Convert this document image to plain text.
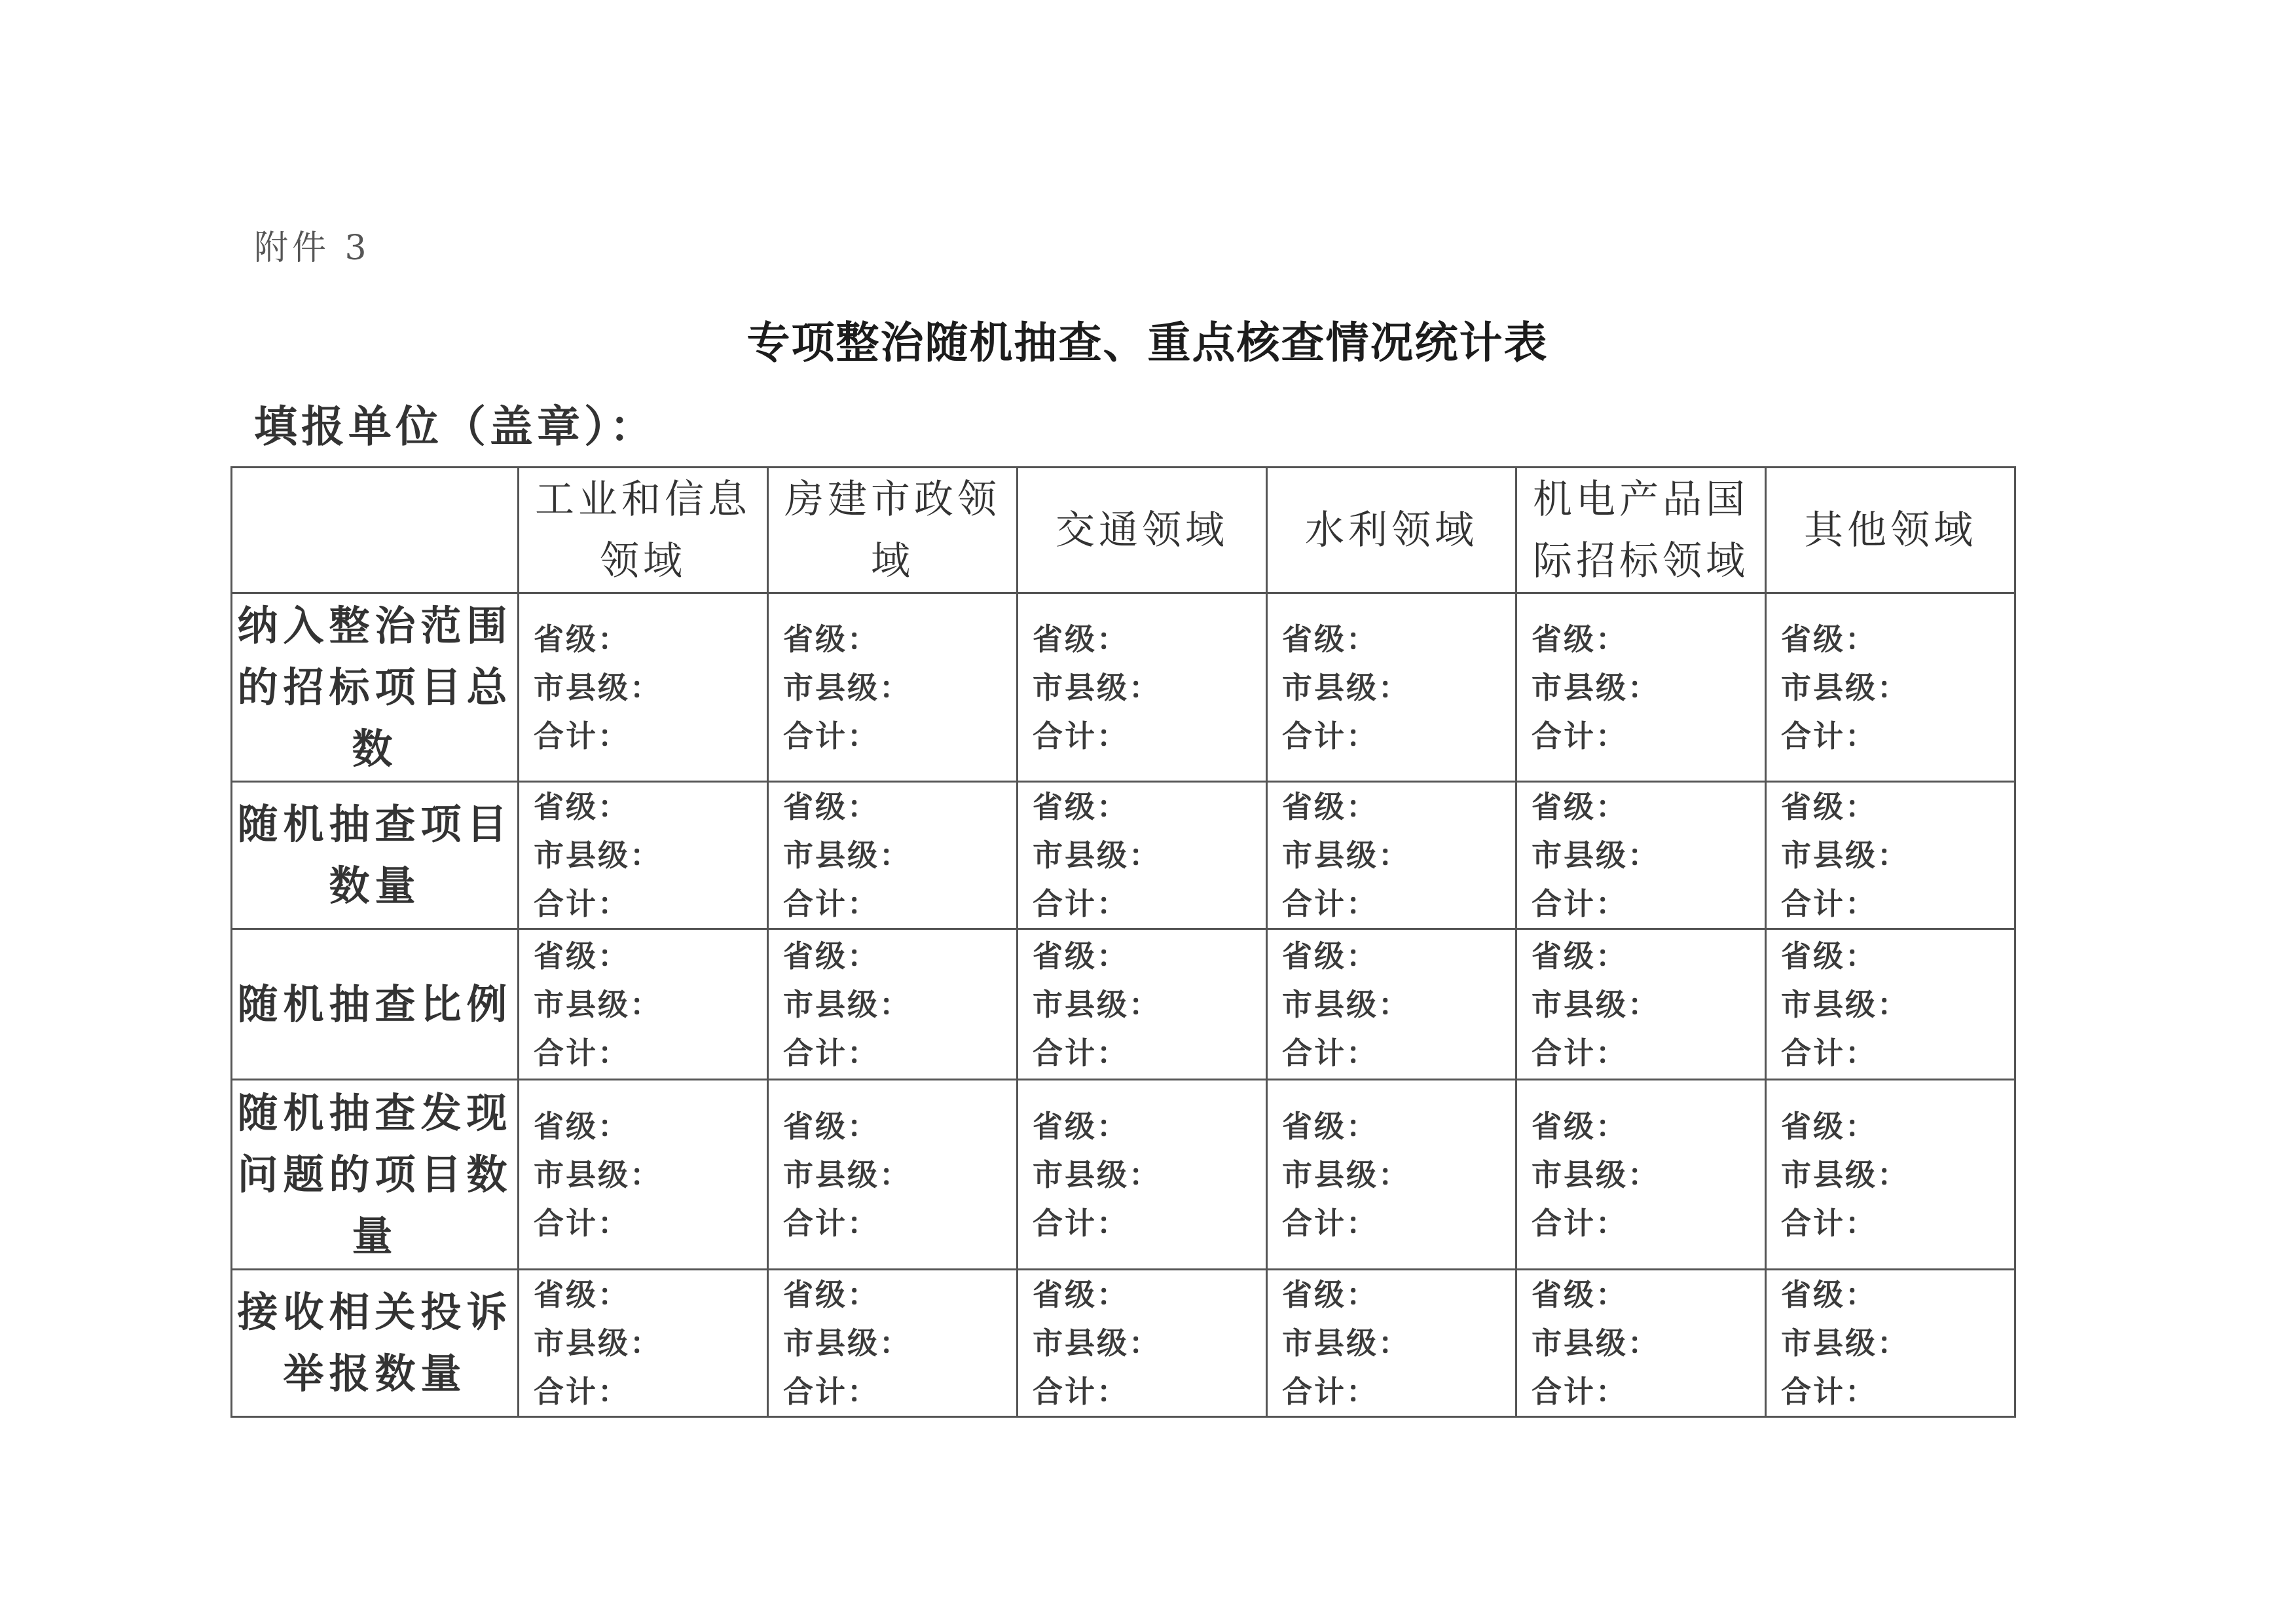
附件 3
专项整治随机抽查、重点核查情况统计表
填报单位（盖章）：
	工业和信息领域	房建市政领域	交通领域	水利领域	机电产品国际招标领域	其他领域
纳入整治范围的招标项目总数	省级：
市县级：
合计：	省级：
市县级：
合计：	省级：
市县级：
合计：	省级：
市县级：
合计：	省级：
市县级：
合计：	省级：
市县级：
合计：

随机抽查项目数量	省级：
市县级：
合计：	省级：
市县级：
合计：	省级：
市县级：
合计：	省级：
市县级：
合计：	省级：
市县级：
合计：	省级：
市县级：
合计：

随机抽查比例	省级：
市县级：
合计：	省级：
市县级：
合计：	省级：
市县级：
合计：	省级：
市县级：
合计：	省级：
市县级：
合计：	省级：
市县级：
合计：

随机抽查发现问题的项目数量	省级：
市县级：
合计：	省级：
市县级：
合计：	省级：
市县级：
合计：	省级：
市县级：
合计：	省级：
市县级：
合计：	省级：
市县级：
合计：

接收相关投诉举报数量	省级：
市县级：
合计：	省级：
市县级：
合计：	省级：
市县级：
合计：	省级：
市县级：
合计：	省级：
市县级：
合计：	省级：
市县级：
合计：
